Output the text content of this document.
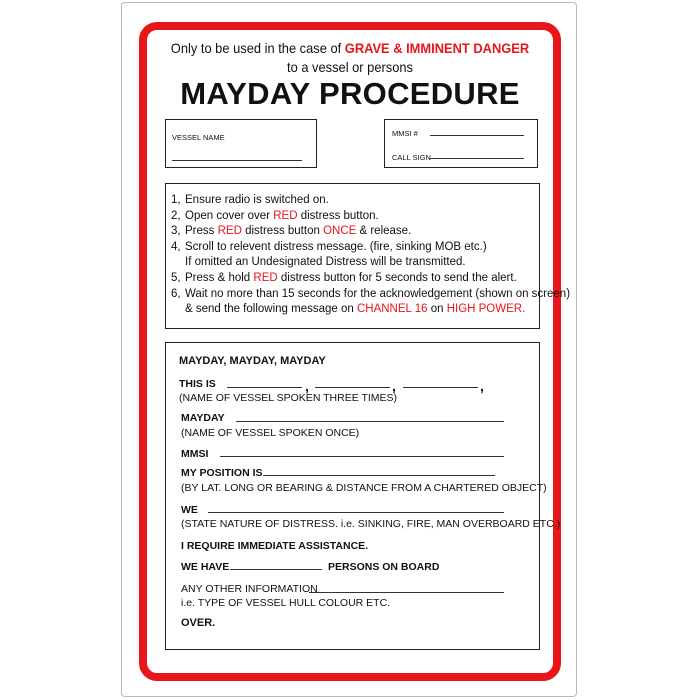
Only to be used in the case of GRAVE & IMMINENT DANGER
to a vessel or persons
MAYDAY PROCEDURE
VESSEL NAME	MMSI #
CALL SIGN
1, Ensure radio is switched on.
2, Open cover over RED distress button.
3, Press RED distress button ONCE & release.
4, Scroll to relevent distress message. (fire, sinking MOB etc.)
If omitted an Undesignated Distress will be transmitted.
5, Press & hold RED distress button for 5 seconds to send the alert.
6, Wait no more than 15 seconds for the acknowledgement (shown on screen)
& send the following message on CHANNEL 16 on HIGH POWER.
MAYDAY, MAYDAY, MAYDAY
THIS IS	,	,	,
(NAME OF VESSEL SPOKEN THREE TIMES)
MAYDAY
(NAME OF VESSEL SPOKEN ONCE)
MMSI
MY POSITION IS
(BY LAT. LONG OR BEARING & DISTANCE FROM A CHARTERED OBJECT)
WE
(STATE NATURE OF DISTRESS. i.e. SINKING, FIRE, MAN OVERBOARD ETC.)
I REQUIRE IMMEDIATE ASSISTANCE.
WE HAVE	PERSONS ON BOARD
ANY OTHER INFORMATION
i.e. TYPE OF VESSEL HULL COLOUR ETC.
OVER.
